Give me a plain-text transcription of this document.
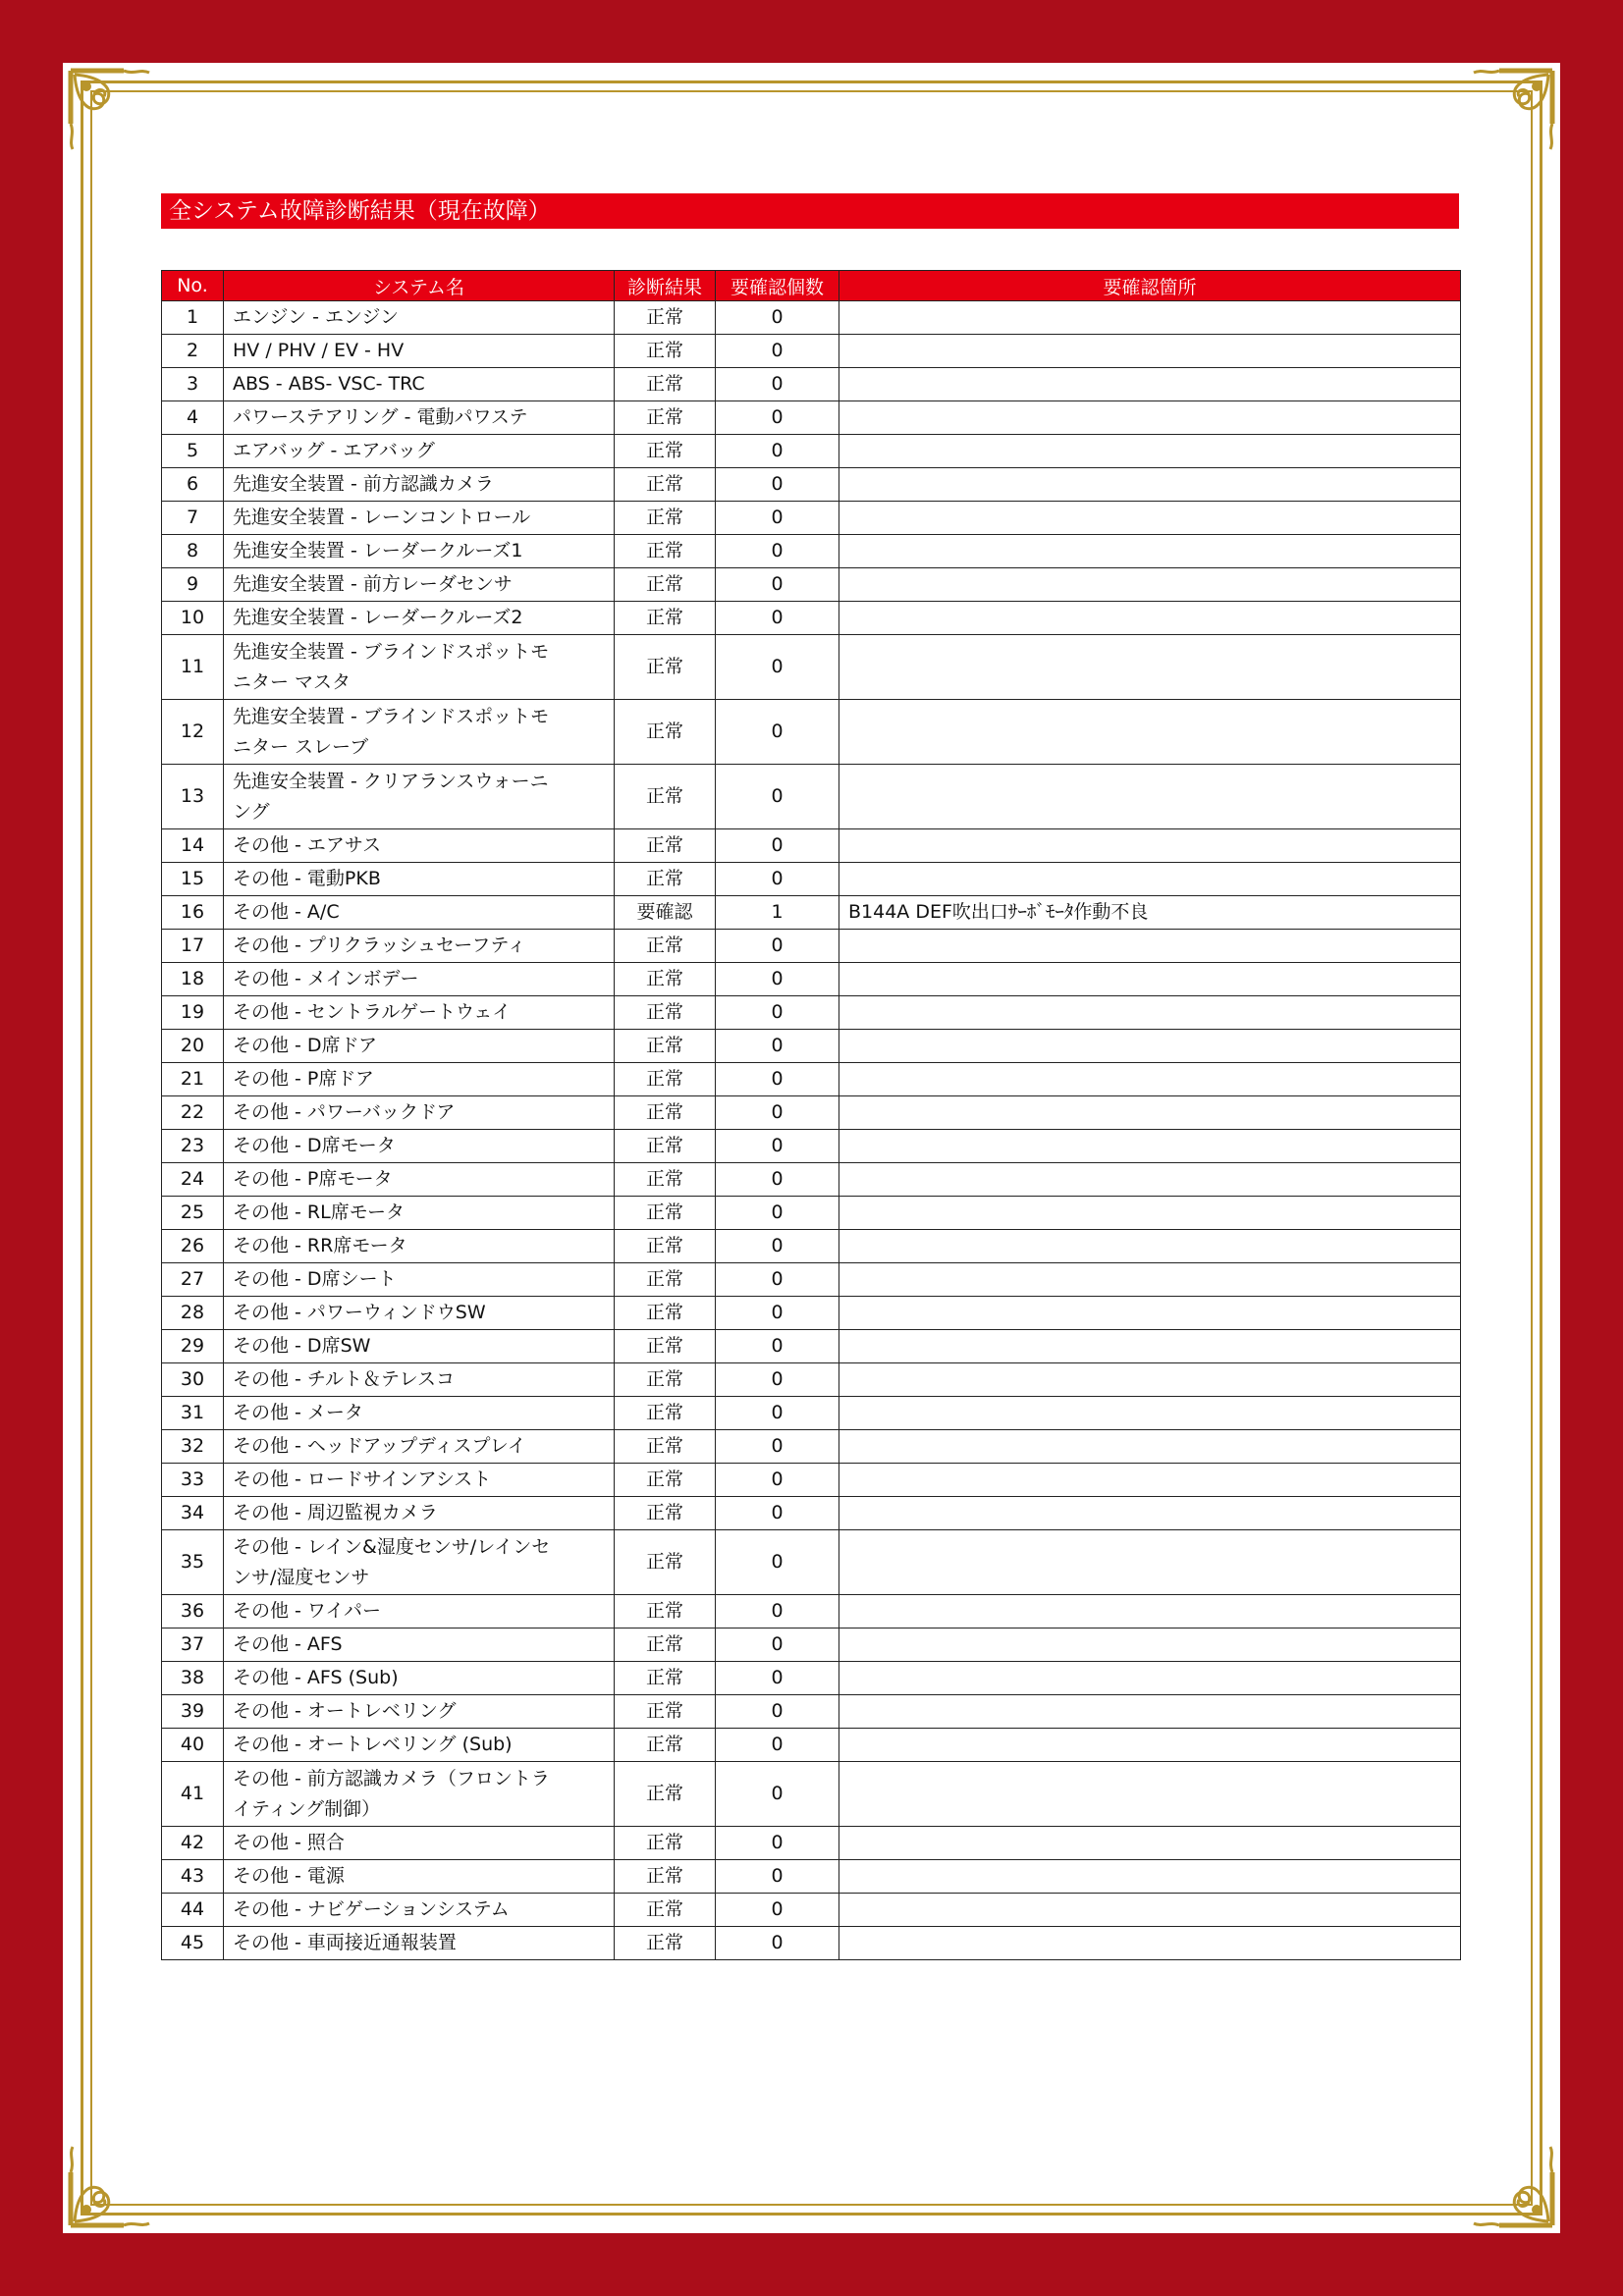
全システム故障診断結果（現在故障）
No.	システム名	診断結果	要確認個数	要確認箇所
1	エンジン - エンジン	正常	0	
2	HV / PHV / EV - HV	正常	0	
3	ABS - ABS- VSC- TRC	正常	0	
4	パワーステアリング - 電動パワステ	正常	0	
5	エアバッグ - エアバッグ	正常	0	
6	先進安全装置 - 前方認識カメラ	正常	0	
7	先進安全装置 - レーンコントロール	正常	0	
8	先進安全装置 - レーダークルーズ1	正常	0	
9	先進安全装置 - 前方レーダセンサ	正常	0	
10	先進安全装置 - レーダークルーズ2	正常	0	
11	先進安全装置 - ブラインドスポットモ
ニター マスタ	正常	0	
12	先進安全装置 - ブラインドスポットモ
ニター スレーブ	正常	0	
13	先進安全装置 - クリアランスウォーニ
ング	正常	0	
14	その他 - エアサス	正常	0	
15	その他 - 電動PKB	正常	0	
16	その他 - A/C	要確認	1	B144A DEF吹出口ｻｰﾎﾞﾓｰﾀ作動不良
17	その他 - プリクラッシュセーフティ	正常	0	
18	その他 - メインボデー	正常	0	
19	その他 - セントラルゲートウェイ	正常	0	
20	その他 - D席ドア	正常	0	
21	その他 - P席ドア	正常	0	
22	その他 - パワーバックドア	正常	0	
23	その他 - D席モータ	正常	0	
24	その他 - P席モータ	正常	0	
25	その他 - RL席モータ	正常	0	
26	その他 - RR席モータ	正常	0	
27	その他 - D席シート	正常	0	
28	その他 - パワーウィンドウSW	正常	0	
29	その他 - D席SW	正常	0	
30	その他 - チルト＆テレスコ	正常	0	
31	その他 - メータ	正常	0	
32	その他 - ヘッドアップディスプレイ	正常	0	
33	その他 - ロードサインアシスト	正常	0	
34	その他 - 周辺監視カメラ	正常	0	
35	その他 - レイン&湿度センサ/レインセ
ンサ/湿度センサ	正常	0	
36	その他 - ワイパー	正常	0	
37	その他 - AFS	正常	0	
38	その他 - AFS (Sub)	正常	0	
39	その他 - オートレベリング	正常	0	
40	その他 - オートレベリング (Sub)	正常	0	
41	その他 - 前方認識カメラ（フロントラ
イティング制御）	正常	0	
42	その他 - 照合	正常	0	
43	その他 - 電源	正常	0	
44	その他 - ナビゲーションシステム	正常	0	
45	その他 - 車両接近通報装置	正常	0	
